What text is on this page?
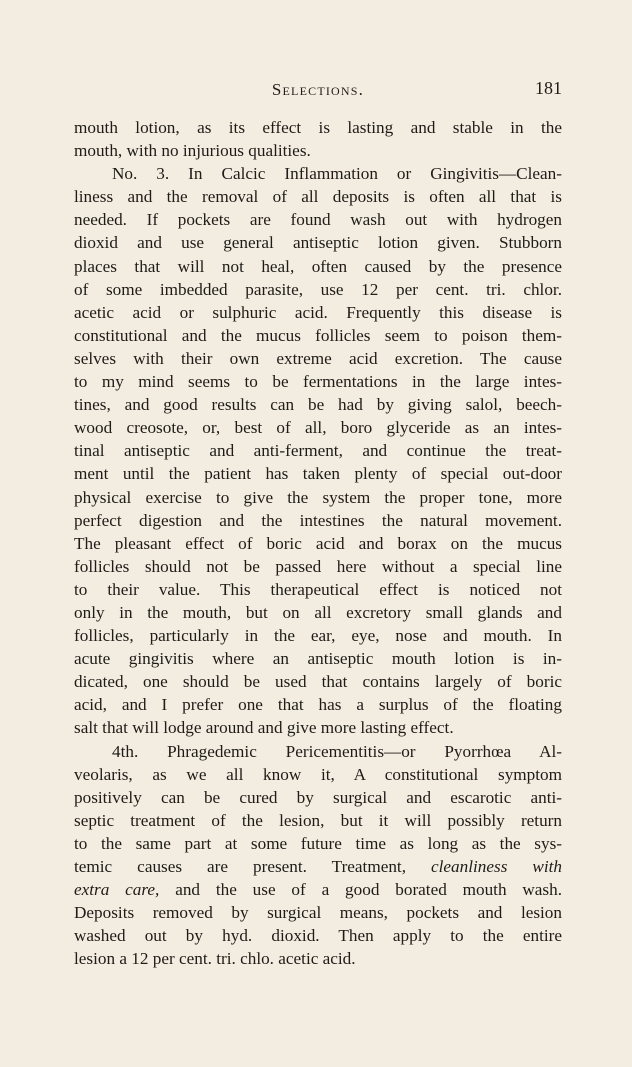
Selections.	181
mouth lotion, as its effect is lasting and stable in the
mouth, with no injurious qualities.
No. 3. In Calcic Inflammation or Gingivitis—Clean-
liness and the removal of all deposits is often all that is
needed. If pockets are found wash out with hydrogen
dioxid and use general antiseptic lotion given. Stubborn
places that will not heal, often caused by the presence
of some imbedded parasite, use 12 per cent. tri. chlor.
acetic acid or sulphuric acid. Frequently this disease is
constitutional and the mucus follicles seem to poison them-
selves with their own extreme acid excretion. The cause
to my mind seems to be fermentations in the large intes-
tines, and good results can be had by giving salol, beech-
wood creosote, or, best of all, boro glyceride as an intes-
tinal antiseptic and anti-ferment, and continue the treat-
ment until the patient has taken plenty of special out-door
physical exercise to give the system the proper tone, more
perfect digestion and the intestines the natural movement.
The pleasant effect of boric acid and borax on the mucus
follicles should not be passed here without a special line
to their value. This therapeutical effect is noticed not
only in the mouth, but on all excretory small glands and
follicles, particularly in the ear, eye, nose and mouth. In
acute gingivitis where an antiseptic mouth lotion is in-
dicated, one should be used that contains largely of boric
acid, and I prefer one that has a surplus of the floating
salt that will lodge around and give more lasting effect.
4th. Phragedemic Pericementitis—or Pyorrhœa Al-
veolaris, as we all know it, A constitutional symptom
positively can be cured by surgical and escarotic anti-
septic treatment of the lesion, but it will possibly return
to the same part at some future time as long as the sys-
temic causes are present. Treatment, cleanliness with
extra care, and the use of a good borated mouth wash.
Deposits removed by surgical means, pockets and lesion
washed out by hyd. dioxid. Then apply to the entire
lesion a 12 per cent. tri. chlo. acetic acid.
